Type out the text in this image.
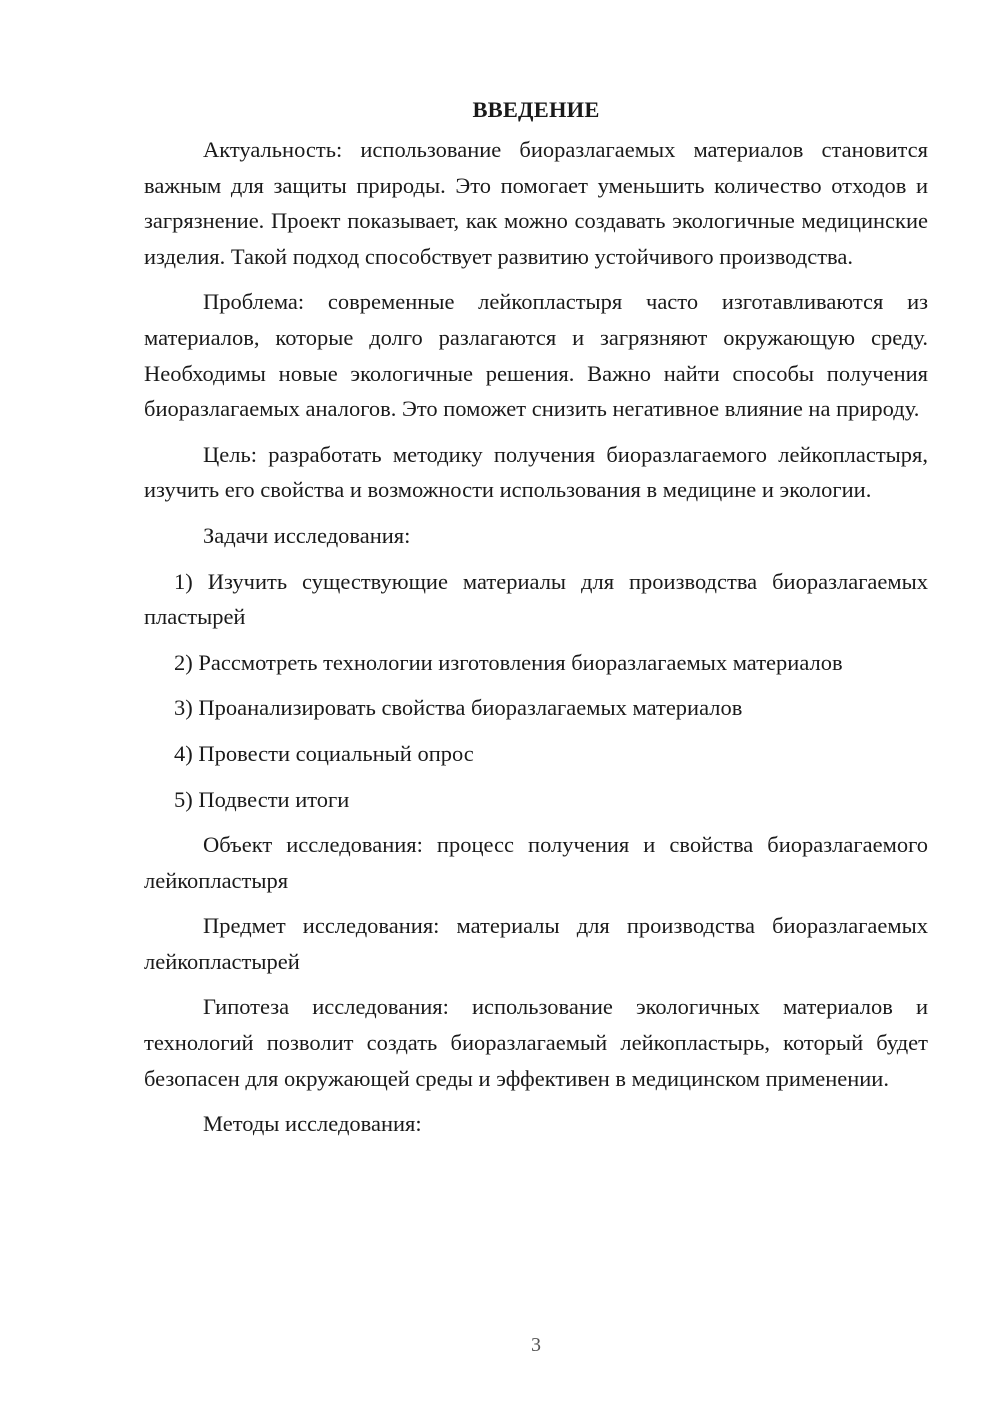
ВВЕДЕНИЕ

Актуальность: использование биоразлагаемых материалов становится важным для защиты природы. Это помогает уменьшить количество отходов и загрязнение. Проект показывает, как можно создавать экологичные медицинские изделия. Такой подход способствует развитию устойчивого производства.

Проблема: современные лейкопластыря часто изготавливаются из материалов, которые долго разлагаются и загрязняют окружающую среду. Необходимы новые экологичные решения. Важно найти способы получения биоразлагаемых аналогов. Это поможет снизить негативное влияние на природу.

Цель: разработать методику получения биоразлагаемого лейкопластыря, изучить его свойства и возможности использования в медицине и экологии.

Задачи исследования:

1) Изучить существующие материалы для производства биоразлагаемых пластырей

2) Рассмотреть технологии изготовления биоразлагаемых материалов

3) Проанализировать свойства биоразлагаемых материалов

4) Провести социальный опрос

5) Подвести итоги

Объект исследования: процесс получения и свойства биоразлагаемого лейкопластыря

Предмет исследования: материалы для производства биоразлагаемых лейкопластырей

Гипотеза исследования: использование экологичных материалов и технологий позволит создать биоразлагаемый лейкопластырь, который будет безопасен для окружающей среды и эффективен в медицинском применении.

Методы исследования:

3
